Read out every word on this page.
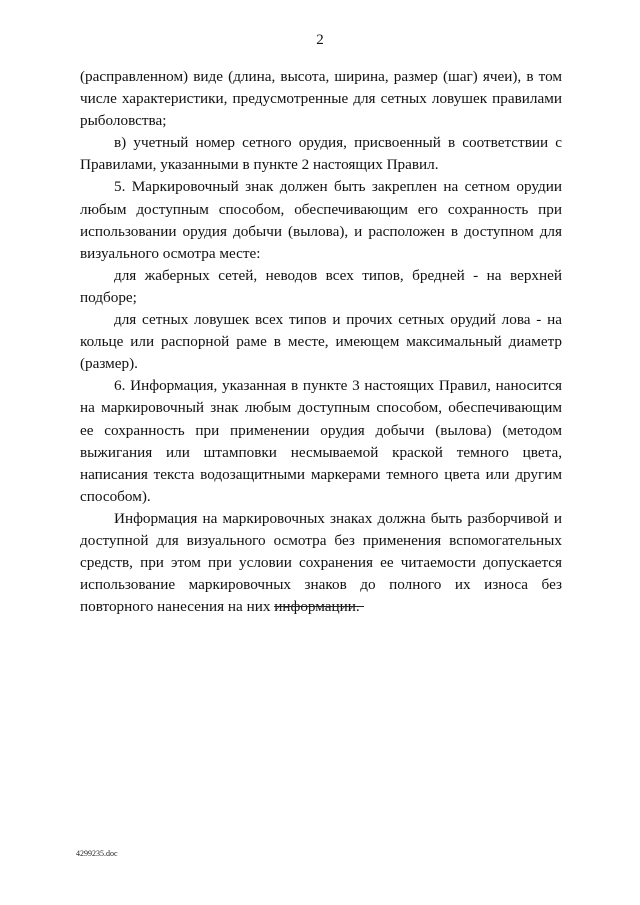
2

(расправленном) виде (длина, высота, ширина, размер (шаг) ячеи), в том числе характеристики, предусмотренные для сетных ловушек правилами рыболовства;

в) учетный номер сетного орудия, присвоенный в соответствии с Правилами, указанными в пункте 2 настоящих Правил.

5. Маркировочный знак должен быть закреплен на сетном орудии любым доступным способом, обеспечивающим его сохранность при использовании орудия добычи (вылова), и расположен в доступном для визуального осмотра месте:

для жаберных сетей, неводов всех типов, бредней - на верхней подборе;

для сетных ловушек всех типов и прочих сетных орудий лова - на кольце или распорной раме в месте, имеющем максимальный диаметр (размер).

6. Информация, указанная в пункте 3 настоящих Правил, наносится на маркировочный знак любым доступным способом, обеспечивающим ее сохранность при применении орудия добычи (вылова) (методом выжигания или штамповки несмываемой краской темного цвета, написания текста водозащитными маркерами темного цвета или другим способом).

Информация на маркировочных знаках должна быть разборчивой и доступной для визуального осмотра без применения вспомогательных средств, при этом при условии сохранения ее читаемости допускается использование маркировочных знаков до полного их износа без повторного нанесения на них информации.

4299235.doc
